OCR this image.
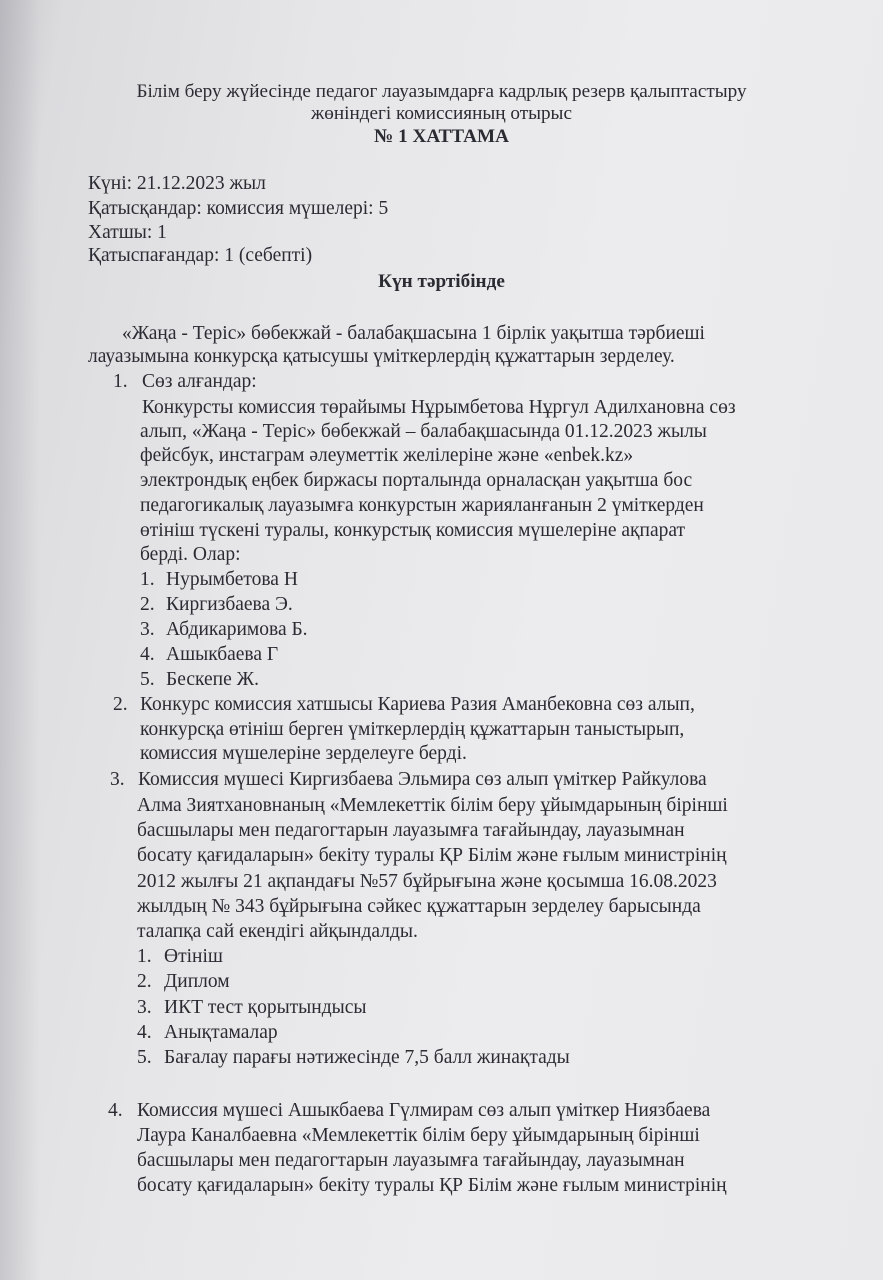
Білім беру жүйесінде педагог лауазымдарға кадрлық резерв қалыптастыру
жөніндегі комиссияның отырыс
№ 1 ХАТТАМА
Күні: 21.12.2023 жыл
Қатысқандар: комиссия мүшелері: 5
Хатшы: 1
Қатыспағандар: 1 (себепті)
Күн тәртібінде
«Жаңа - Теріс» бөбекжай - балабақшасына 1 бірлік уақытша тәрбиеші
лауазымына конкурсқа қатысушы үміткерлердің құжаттарын зерделеу.
1. Сөз алғандар:
Конкурсты комиссия төрайымы Нұрымбетова Нұргул Адилхановна сөз
алып, «Жаңа - Теріс» бөбекжай – балабақшасында 01.12.2023 жылы
фейсбук, инстаграм әлеуметтік желілеріне және «enbek.kz»
электрондық еңбек биржасы порталында орналасқан уақытша бос
педагогикалық лауазымға конкурстын жарияланғанын 2 үміткерден
өтініш түскені туралы, конкурстық комиссия мүшелеріне ақпарат
берді. Олар:
1. Нурымбетова Н
2. Киргизбаева Э.
3. Абдикаримова Б.
4. Ашыкбаева Г
5. Бескепе Ж.
2. Конкурс комиссия хатшысы Кариева Разия Аманбековна сөз алып,
конкурсқа өтініш берген үміткерлердің құжаттарын таныстырып,
комиссия мүшелеріне зерделеуге берді.
3. Комиссия мүшесі Киргизбаева Эльмира сөз алып үміткер Райкулова
Алма Зиятхановнаның «Мемлекеттік білім беру ұйымдарының бірінші
басшылары мен педагогтарын лауазымға тағайындау, лауазымнан
босату қағидаларын» бекіту туралы ҚР Білім және ғылым министрінің
2012 жылғы 21 ақпандағы №57 бұйрығына және қосымша 16.08.2023
жылдың № 343 бұйрығына сәйкес құжаттарын зерделеу барысында
талапқа сай екендігі айқындалды.
1. Өтініш
2. Диплом
3. ИКТ тест қорытындысы
4. Анықтамалар
5. Бағалау парағы нәтижесінде 7,5 балл жинақтады
4. Комиссия мүшесі Ашыкбаева Гүлмирам сөз алып үміткер Ниязбаева
Лаура Каналбаевна «Мемлекеттік білім беру ұйымдарының бірінші
басшылары мен педагогтарын лауазымға тағайындау, лауазымнан
босату қағидаларын» бекіту туралы ҚР Білім және ғылым министрінің
